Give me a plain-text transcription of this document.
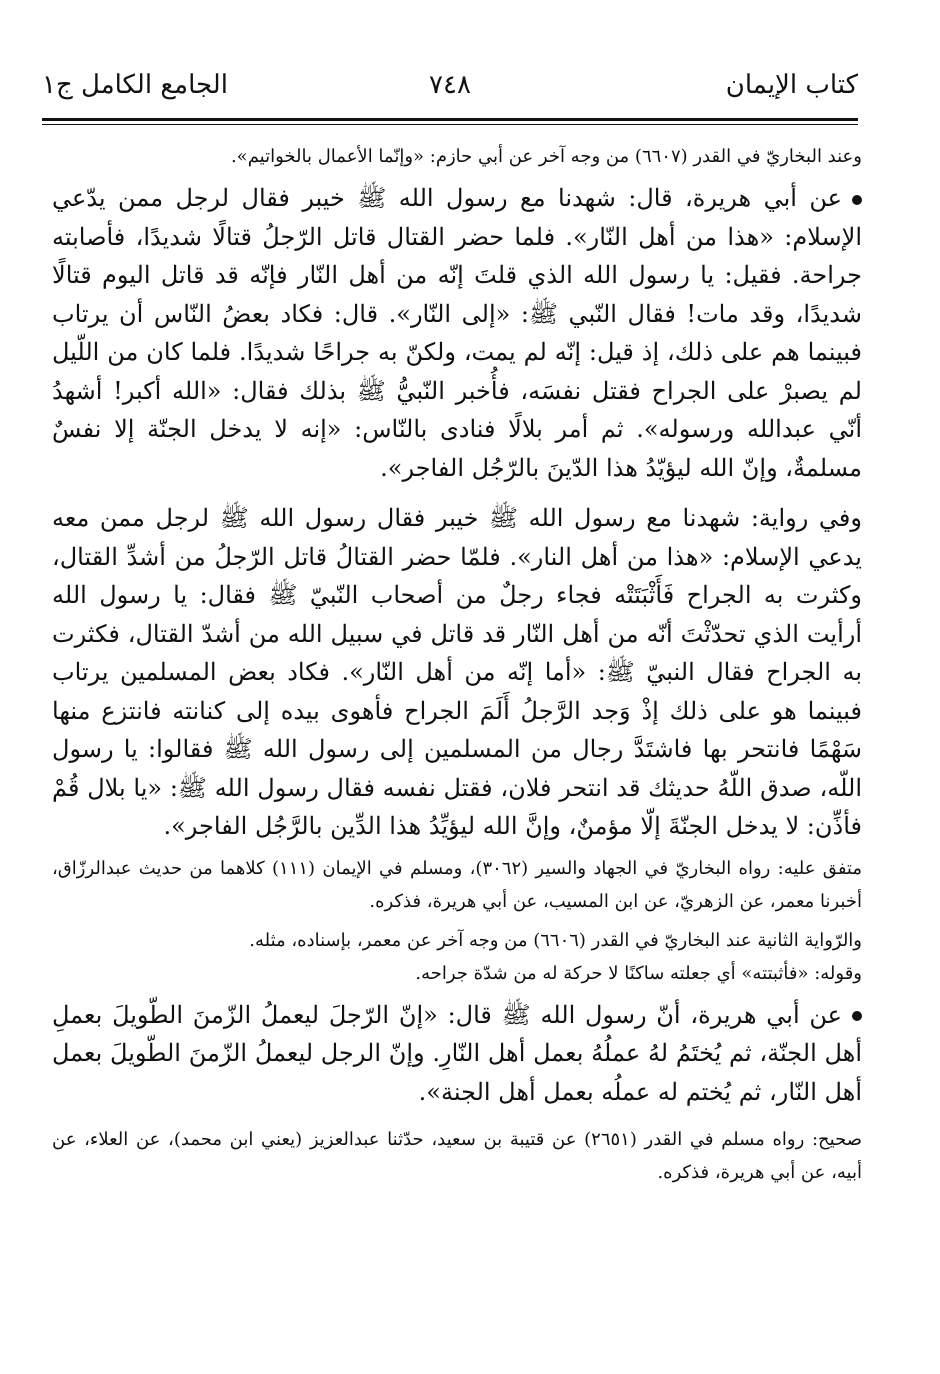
كتاب الإيمان
٧٤٨
الجامع الكامل ج١

وعند البخاريّ في القدر (٦٦٠٧) من وجه آخر عن أبي حازم: «وإنّما الأعمال بالخواتيم».

عن أبي هريرة، قال: شهدنا مع رسول الله ﷺ خيبر فقال لرجل ممن يدّعي الإسلام: «هذا من أهل النّار». فلما حضر القتال قاتل الرّجلُ قتالًا شديدًا، فأصابته جراحة. فقيل: يا رسول الله الذي قلتَ إنّه من أهل النّار فإنّه قد قاتل اليوم قتالًا شديدًا، وقد مات! فقال النّبي ﷺ: «إلى النّار». قال: فكاد بعضُ النّاس أن يرتاب فبينما هم على ذلك، إذ قيل: إنّه لم يمت، ولكنّ به جراحًا شديدًا. فلما كان من اللّيل لم يصبرْ على الجراح فقتل نفسَه، فأُخبر النّبيُّ ﷺ بذلك فقال: «الله أكبر! أشهدُ أنّي عبدالله ورسوله». ثم أمر بلالًا فنادى بالنّاس: «إنه لا يدخل الجنّة إلا نفسٌ مسلمةٌ، وإنّ الله ليؤيّدُ هذا الدّينَ بالرّجُل الفاجر».

وفي رواية: شهدنا مع رسول الله ﷺ خيبر فقال رسول الله ﷺ لرجل ممن معه يدعي الإسلام: «هذا من أهل النار». فلمّا حضر القتالُ قاتل الرّجلُ من أشدِّ القتال، وكثرت به الجراح فَأَثْبَتَتْه فجاء رجلٌ من أصحاب النّبيّ ﷺ فقال: يا رسول الله أرأيت الذي تحدّثْتَ أنّه من أهل النّار قد قاتل في سبيل الله من أشدّ القتال، فكثرت به الجراح فقال النبيّ ﷺ: «أما إنّه من أهل النّار». فكاد بعض المسلمين يرتاب فبينما هو على ذلك إذْ وَجد الرَّجلُ أَلَمَ الجراح فأهوى بيده إلى كنانته فانتزع منها سَهْمًا فانتحر بها فاشتَدَّ رجال من المسلمين إلى رسول الله ﷺ فقالوا: يا رسول اللّه، صدق اللّهُ حديثك قد انتحر فلان، فقتل نفسه فقال رسول الله ﷺ: «يا بلال قُمْ فأذِّن: لا يدخل الجنّةَ إلّا مؤمنٌ، وإنَّ الله ليؤيِّدُ هذا الدِّين بالرَّجُل الفاجر».

متفق عليه: رواه البخاريّ في الجهاد والسير (٣٠٦٢)، ومسلم في الإيمان (١١١) كلاهما من حديث عبدالرزّاق، أخبرنا معمر، عن الزهريّ، عن ابن المسيب، عن أبي هريرة، فذكره.

والرّواية الثانية عند البخاريّ في القدر (٦٦٠٦) من وجه آخر عن معمر، بإسناده، مثله.

وقوله: «فأثبتته» أي جعلته ساكنًا لا حركة له من شدّة جراحه.

عن أبي هريرة، أنّ رسول الله ﷺ قال: «إنّ الرّجلَ ليعملُ الزّمنَ الطّويلَ بعملِ أهل الجنّة، ثم يُختَمُ لهُ عملُهُ بعمل أهل النّارِ. وإنّ الرجل ليعملُ الزّمنَ الطّويلَ بعمل أهل النّار، ثم يُختم له عملُه بعمل أهل الجنة».

صحيح: رواه مسلم في القدر (٢٦٥١) عن قتيبة بن سعيد، حدّثنا عبدالعزيز (يعني ابن محمد)، عن العلاء، عن أبيه، عن أبي هريرة، فذكره.
